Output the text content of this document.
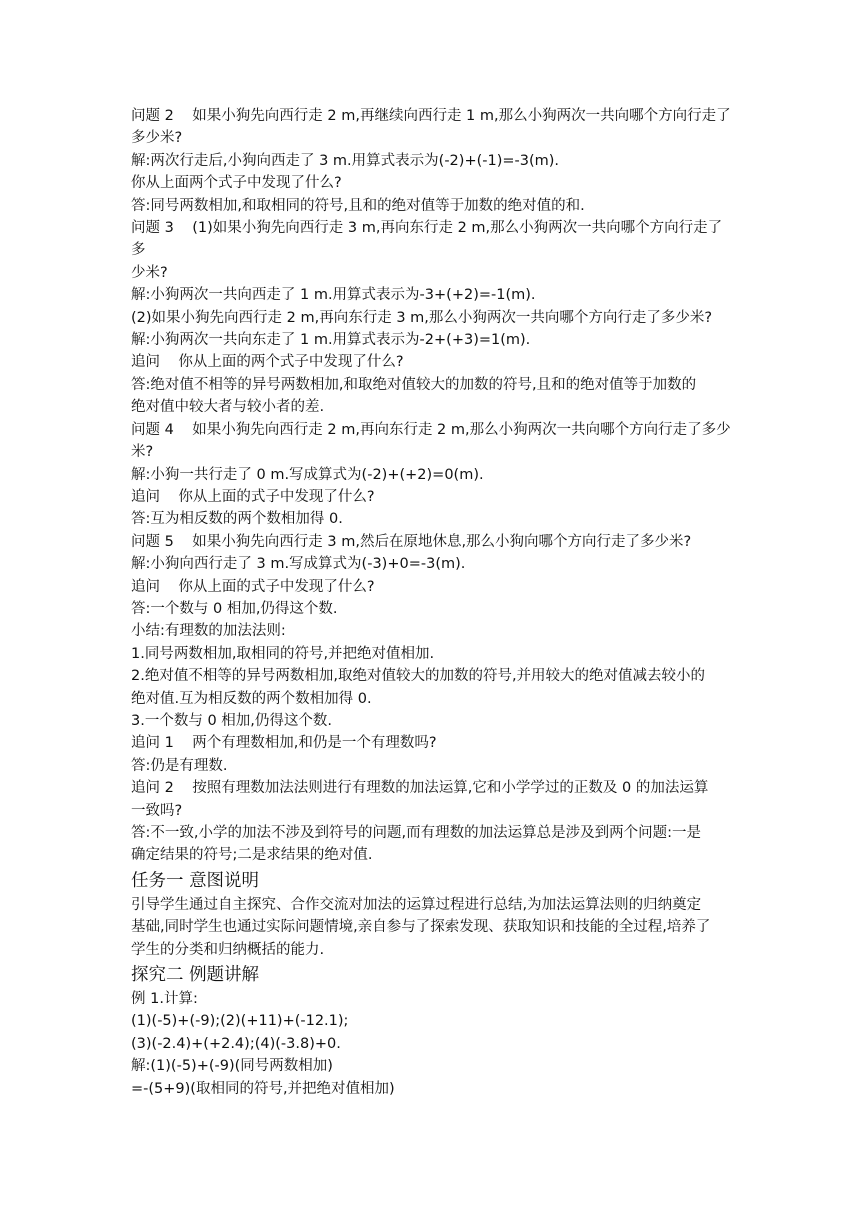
问题 2    如果小狗先向西行走 2 m,再继续向西行走 1 m,那么小狗两次一共向哪个方向行走了
多少米?
解:两次行走后,小狗向西走了 3 m.用算式表示为(-2)+(-1)=-3(m).
你从上面两个式子中发现了什么?
答:同号两数相加,和取相同的符号,且和的绝对值等于加数的绝对值的和.
问题 3    (1)如果小狗先向西行走 3 m,再向东行走 2 m,那么小狗两次一共向哪个方向行走了多
少米?
解:小狗两次一共向西走了 1 m.用算式表示为-3+(+2)=-1(m).
(2)如果小狗先向西行走 2 m,再向东行走 3 m,那么小狗两次一共向哪个方向行走了多少米?
解:小狗两次一共向东走了 1 m.用算式表示为-2+(+3)=1(m).
追问    你从上面的两个式子中发现了什么?
答:绝对值不相等的异号两数相加,和取绝对值较大的加数的符号,且和的绝对值等于加数的
绝对值中较大者与较小者的差.
问题 4    如果小狗先向西行走 2 m,再向东行走 2 m,那么小狗两次一共向哪个方向行走了多少
米?
解:小狗一共行走了 0 m.写成算式为(-2)+(+2)=0(m).
追问    你从上面的式子中发现了什么?
答:互为相反数的两个数相加得 0.
问题 5    如果小狗先向西行走 3 m,然后在原地休息,那么小狗向哪个方向行走了多少米?
解:小狗向西行走了 3 m.写成算式为(-3)+0=-3(m).
追问    你从上面的式子中发现了什么?
答:一个数与 0 相加,仍得这个数.
小结:有理数的加法法则:
1.同号两数相加,取相同的符号,并把绝对值相加.
2.绝对值不相等的异号两数相加,取绝对值较大的加数的符号,并用较大的绝对值减去较小的
绝对值.互为相反数的两个数相加得 0.
3.一个数与 0 相加,仍得这个数.
追问 1    两个有理数相加,和仍是一个有理数吗?
答:仍是有理数.
追问 2    按照有理数加法法则进行有理数的加法运算,它和小学学过的正数及 0 的加法运算
一致吗?
答:不一致,小学的加法不涉及到符号的问题,而有理数的加法运算总是涉及到两个问题:一是
确定结果的符号;二是求结果的绝对值.
任务一 意图说明
引导学生通过自主探究、合作交流对加法的运算过程进行总结,为加法运算法则的归纳奠定
基础,同时学生也通过实际问题情境,亲自参与了探索发现、获取知识和技能的全过程,培养了
学生的分类和归纳概括的能力.
探究二 例题讲解
例 1.计算:
(1)(-5)+(-9);(2)(+11)+(-12.1);
(3)(-2.4)+(+2.4);(4)(-3.8)+0.
解:(1)(-5)+(-9)(同号两数相加)
=-(5+9)(取相同的符号,并把绝对值相加)
